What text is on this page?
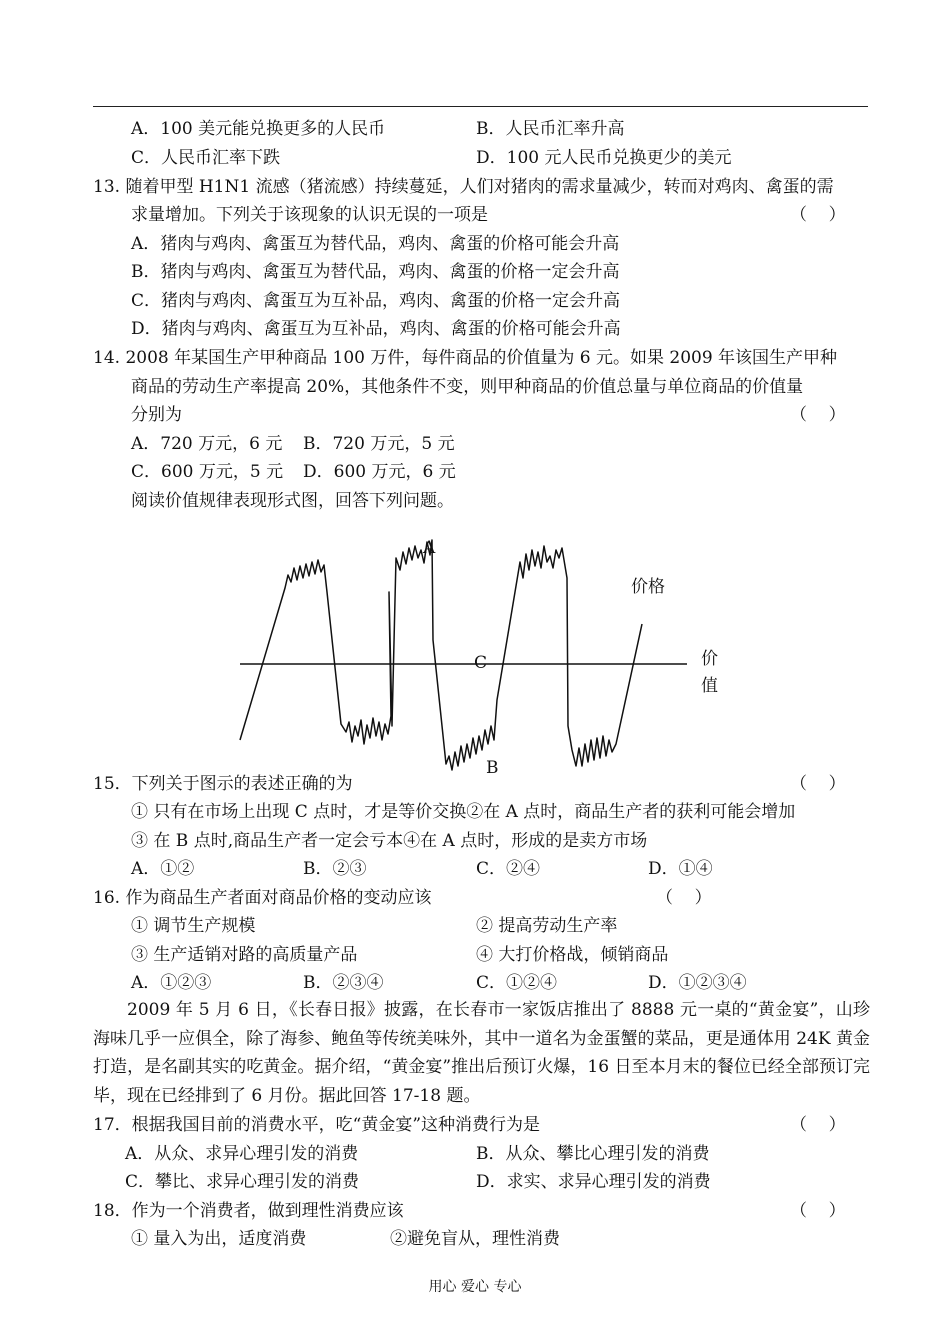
A．100 美元能兑换更多的人民币	B．人民币汇率升高
C．人民币汇率下跌	D．100 元人民币兑换更少的美元
13. 随着甲型 H1N1 流感（猪流感）持续蔓延，人们对猪肉的需求量减少，转而对鸡肉、禽蛋的需
求量增加。下列关于该现象的认识无误的一项是	（    ）
A．猪肉与鸡肉、禽蛋互为替代品，鸡肉、禽蛋的价格可能会升高
B．猪肉与鸡肉、禽蛋互为替代品，鸡肉、禽蛋的价格一定会升高
C．猪肉与鸡肉、禽蛋互为互补品，鸡肉、禽蛋的价格一定会升高
D．猪肉与鸡肉、禽蛋互为互补品，鸡肉、禽蛋的价格可能会升高
14. 2008 年某国生产甲种商品 100 万件，每件商品的价值量为 6 元。如果 2009 年该国生产甲种
商品的劳动生产率提高 20%，其他条件不变，则甲种商品的价值总量与单位商品的价值量
分别为	（    ）
A．720 万元，6 元 B．720 万元，5 元
C．600 万元，5 元 D．600 万元，6 元
阅读价值规律表现形式图，回答下列问题。
A
B
C
价格
价
值
15．下列关于图示的表述正确的为	（    ）
① 只有在市场上出现 C 点时，才是等价交换②在 A 点时，商品生产者的获利可能会增加
③ 在 B 点时,商品生产者一定会亏本④在 A 点时，形成的是卖方市场
A．①②	B．②③	C．②④	D．①④
16. 作为商品生产者面对商品价格的变动应该	（    ）
① 调节生产规模	② 提高劳动生产率
③ 生产适销对路的高质量产品	④ 大打价格战，倾销商品
A．①②③	B．②③④	C．①②④	D．①②③④
2009 年 5 月 6 日，《长春日报》披露，在长春市一家饭店推出了 8888 元一桌的“黄金宴”，山珍海味几乎一应俱全，除了海参、鲍鱼等传统美味外，其中一道名为金蛋蟹的菜品，更是通体用 24K 黄金打造，是名副其实的吃黄金。据介绍，“黄金宴”推出后预订火爆，16 日至本月末的餐位已经全部预订完毕，现在已经排到了 6 月份。据此回答 17-18 题。
17．根据我国目前的消费水平，吃“黄金宴”这种消费行为是	（    ）
A．从众、求异心理引发的消费	B．从众、攀比心理引发的消费
C．攀比、求异心理引发的消费	D．求实、求异心理引发的消费
18．作为一个消费者，做到理性消费应该	（    ）
① 量入为出，适度消费	②避免盲从，理性消费
用心 爱心 专心
